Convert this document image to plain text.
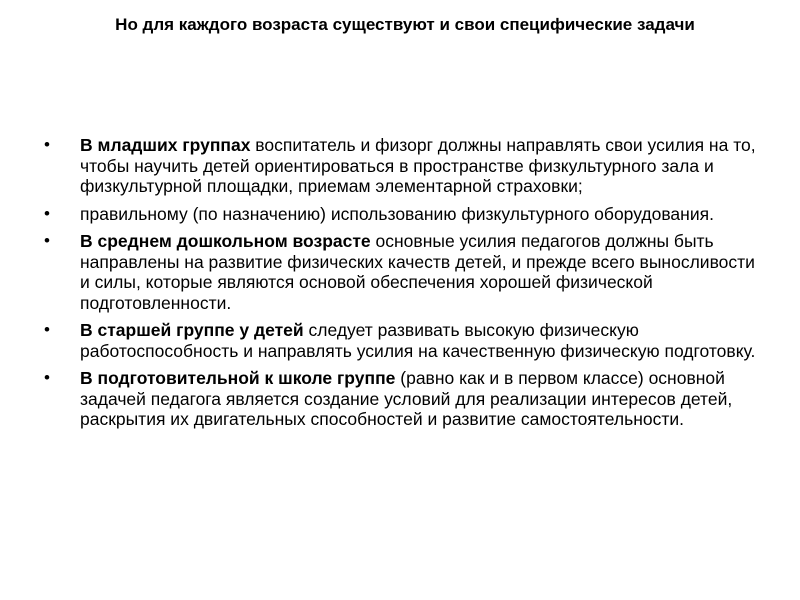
Но для каждого возраста существуют и свои специфические задачи
• В младших группах воспитатель и физорг должны направлять свои усилия на то, чтобы научить детей ориентироваться в пространстве физкультурного зала и физкультурной площадки, приемам элементарной страховки;
• правильному (по назначению) использованию физкультурного оборудования.
• В среднем дошкольном возрасте основные усилия педагогов должны быть направлены на развитие физических качеств детей, и прежде всего выносливости и силы, которые являются основой обеспечения хорошей физической подготовленности.
• В старшей группе у детей следует развивать высокую физическую работоспособность и направлять усилия на качественную физическую подготовку.
• В подготовительной к школе группе (равно как и в первом классе) основной задачей педагога является создание условий для реализации интересов детей, раскрытия их двигательных способностей и развитие самостоятельности.
